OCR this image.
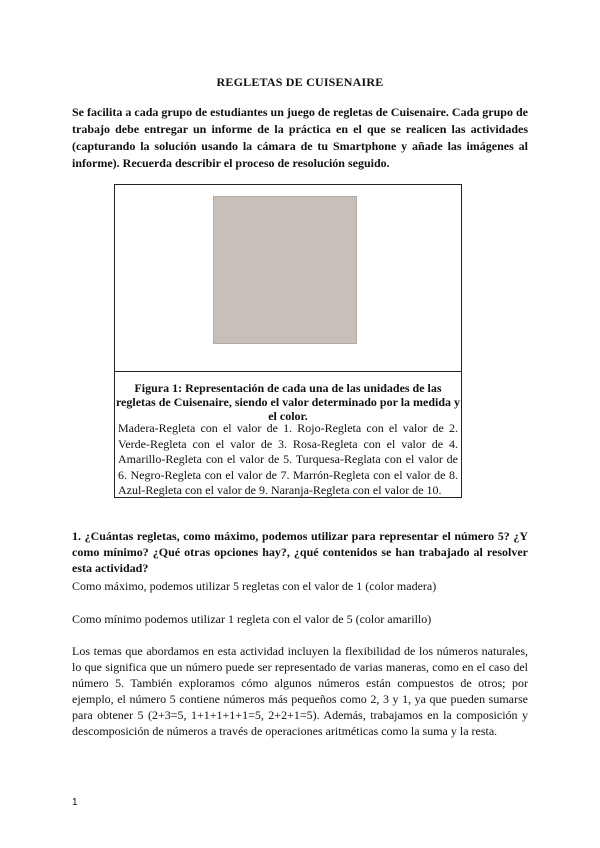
REGLETAS DE CUISENAIRE
Se facilita a cada grupo de estudiantes un juego de regletas de Cuisenaire. Cada grupo de trabajo debe entregar un informe de la práctica en el que se realicen las actividades (capturando la solución usando la cámara de tu Smartphone y añade las imágenes al informe). Recuerda describir el proceso de resolución seguido.
Figura 1: Representación de cada una de las unidades de las regletas de Cuisenaire, siendo el valor determinado por la medida y el color.
Madera-Regleta con el valor de 1. Rojo-Regleta con el valor de 2. Verde-Regleta con el valor de 3. Rosa-Regleta con el valor de 4. Amarillo-Regleta con el valor de 5. Turquesa-Reglata con el valor de 6. Negro-Regleta con el valor de 7. Marrón-Regleta con el valor de 8. Azul-Regleta con el valor de 9. Naranja-Regleta con el valor de 10.
1. ¿Cuántas regletas, como máximo, podemos utilizar para representar el número 5? ¿Y como mínimo? ¿Qué otras opciones hay?, ¿qué contenidos se han trabajado al resolver esta actividad?
Como máximo, podemos utilizar 5 regletas con el valor de 1 (color madera)
Como mínimo podemos utilizar 1 regleta con el valor de 5 (color amarillo)
Los temas que abordamos en esta actividad incluyen la flexibilidad de los números naturales, lo que significa que un número puede ser representado de varias maneras, como en el caso del número 5. También exploramos cómo algunos números están compuestos de otros; por ejemplo, el número 5 contiene números más pequeños como 2, 3 y 1, ya que pueden sumarse para obtener 5 (2+3=5, 1+1+1+1+1=5, 2+2+1=5). Además, trabajamos en la composición y descomposición de números a través de operaciones aritméticas como la suma y la resta.
1
